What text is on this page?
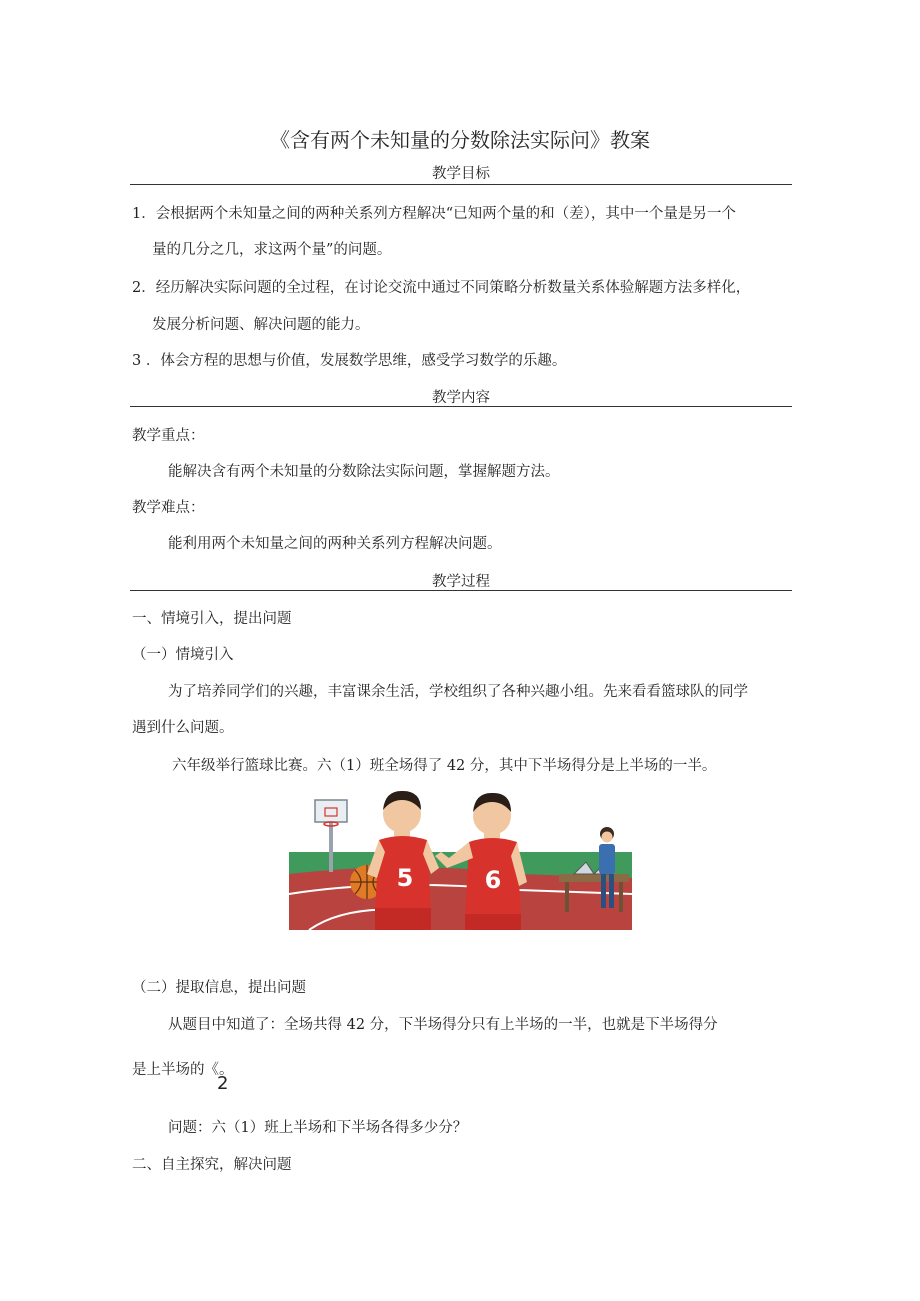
《含有两个未知量的分数除法实际问》教案
教学目标
1．会根据两个未知量之间的两种关系列方程解决“已知两个量的和（差），其中一个量是另一个
量的几分之几，求这两个量”的问题。
2．经历解决实际问题的全过程，在讨论交流中通过不同策略分析数量关系体验解题方法多样化，
发展分析问题、解决问题的能力。
3 ．体会方程的思想与价值，发展数学思维，感受学习数学的乐趣。
教学内容
教学重点：
能解决含有两个未知量的分数除法实际问题，掌握解题方法。
教学难点：
能利用两个未知量之间的两种关系列方程解决问题。
教学过程
一、情境引入，提出问题
（一）情境引入
为了培养同学们的兴趣，丰富课余生活，学校组织了各种兴趣小组。先来看看篮球队的同学
遇到什么问题。
六年级举行篮球比赛。六（1）班全场得了 42 分，其中下半场得分是上半场的一半。
5	6
（二）提取信息，提出问题
从题目中知道了：全场共得 42 分，下半场得分只有上半场的一半，也就是下半场得分
是上半场的《。
2
问题：六（1）班上半场和下半场各得多少分？
二、自主探究，解决问题
